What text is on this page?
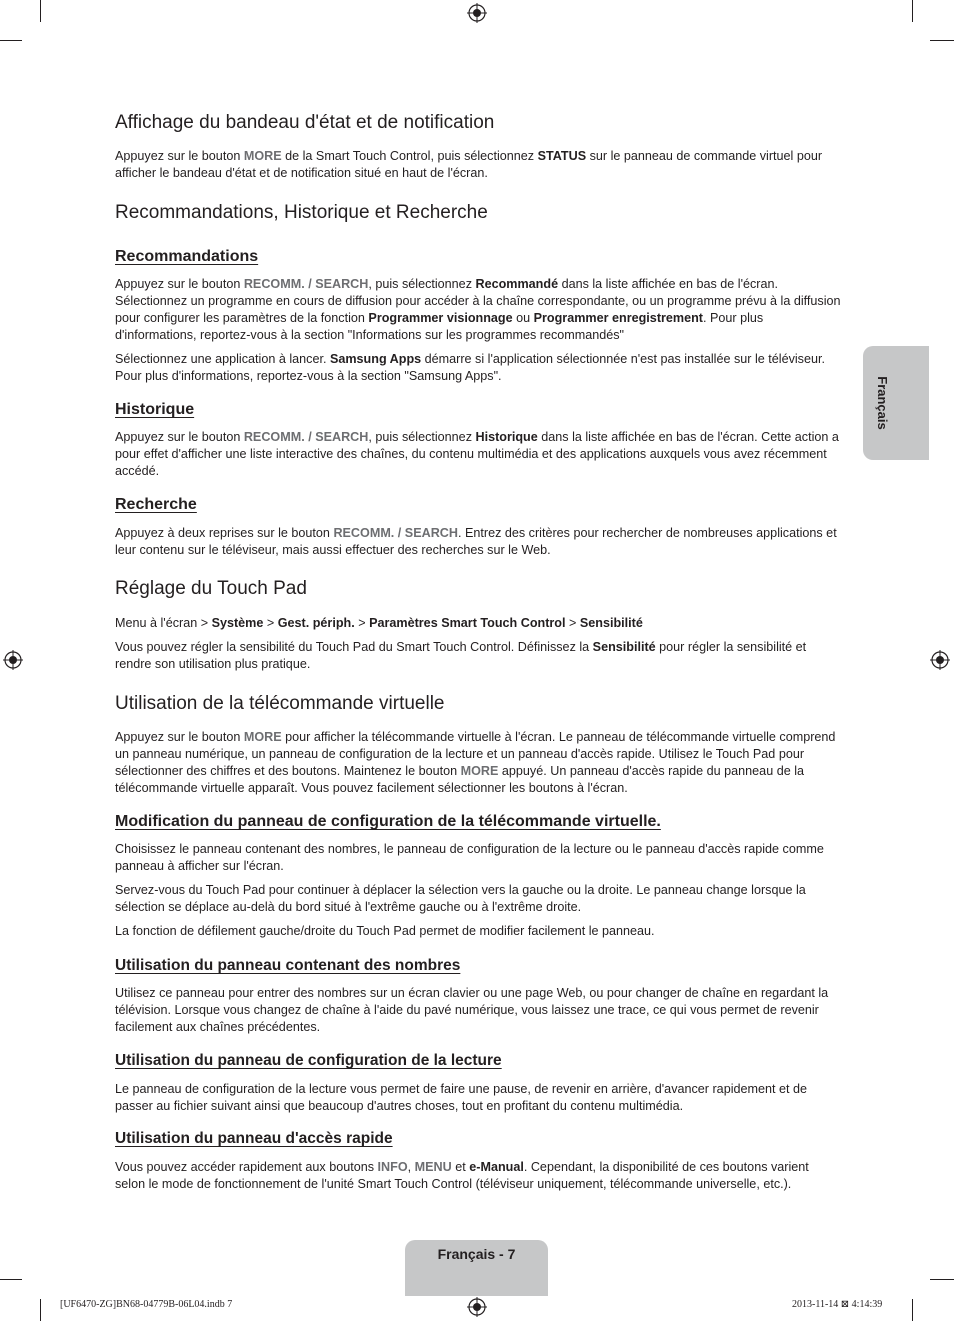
Affichage du bandeau d'état et de notification

Appuyez sur le bouton MORE de la Smart Touch Control, puis sélectionnez STATUS sur le panneau de commande virtuel pour afficher le bandeau d'état et de notification situé en haut de l'écran.

Recommandations, Historique et Recherche
Recommandations

Appuyez sur le bouton RECOMM. / SEARCH, puis sélectionnez Recommandé dans la liste affichée en bas de l'écran. Sélectionnez un programme en cours de diffusion pour accéder à la chaîne correspondante, ou un programme prévu à la diffusion pour configurer les paramètres de la fonction Programmer visionnage ou Programmer enregistrement. Pour plus d'informations, reportez-vous à la section "Informations sur les programmes recommandés"

Sélectionnez une application à lancer. Samsung Apps démarre si l'application sélectionnée n'est pas installée sur le téléviseur. Pour plus d'informations, reportez-vous à la section "Samsung Apps".

Historique

Appuyez sur le bouton RECOMM. / SEARCH, puis sélectionnez Historique dans la liste affichée en bas de l'écran. Cette action a pour effet d'afficher une liste interactive des chaînes, du contenu multimédia et des applications auxquels vous avez récemment accédé.

Recherche

Appuyez à deux reprises sur le bouton RECOMM. / SEARCH. Entrez des critères pour rechercher de nombreuses applications et leur contenu sur le téléviseur, mais aussi effectuer des recherches sur le Web.

Réglage du Touch Pad

Menu à l'écran > Système > Gest. périph. > Paramètres Smart Touch Control > Sensibilité

Vous pouvez régler la sensibilité du Touch Pad du Smart Touch Control. Définissez la Sensibilité pour régler la sensibilité et rendre son utilisation plus pratique.

Utilisation de la télécommande virtuelle

Appuyez sur le bouton MORE pour afficher la télécommande virtuelle à l'écran. Le panneau de télécommande virtuelle comprend un panneau numérique, un panneau de configuration de la lecture et un panneau d'accès rapide. Utilisez le Touch Pad pour sélectionner des chiffres et des boutons. Maintenez le bouton MORE appuyé. Un panneau d'accès rapide du panneau de la télécommande virtuelle apparaît. Vous pouvez facilement sélectionner les boutons à l'écran.

Modification du panneau de configuration de la télécommande virtuelle.

Choisissez le panneau contenant des nombres, le panneau de configuration de la lecture ou le panneau d'accès rapide comme panneau à afficher sur l'écran.

Servez-vous du Touch Pad pour continuer à déplacer la sélection vers la gauche ou la droite. Le panneau change lorsque la sélection se déplace au-delà du bord situé à l'extrême gauche ou à l'extrême droite.

La fonction de défilement gauche/droite du Touch Pad permet de modifier facilement le panneau.

Utilisation du panneau contenant des nombres

Utilisez ce panneau pour entrer des nombres sur un écran clavier ou une page Web, ou pour changer de chaîne en regardant la télévision. Lorsque vous changez de chaîne à l'aide du pavé numérique, vous laissez une trace, ce qui vous permet de revenir facilement aux chaînes précédentes.

Utilisation du panneau de configuration de la lecture

Le panneau de configuration de la lecture vous permet de faire une pause, de revenir en arrière, d'avancer rapidement et de passer au fichier suivant ainsi que beaucoup d'autres choses, tout en profitant du contenu multimédia.

Utilisation du panneau d'accès rapide

Vous pouvez accéder rapidement aux boutons INFO, MENU et e-Manual. Cependant, la disponibilité de ces boutons varient selon le mode de fonctionnement de l'unité Smart Touch Control (téléviseur uniquement, télécommande universelle, etc.).

Français
Français - 7
[UF6470-ZG]BN68-04779B-06L04.indb 7	2013-11-14 ⊠ 4:14:39
